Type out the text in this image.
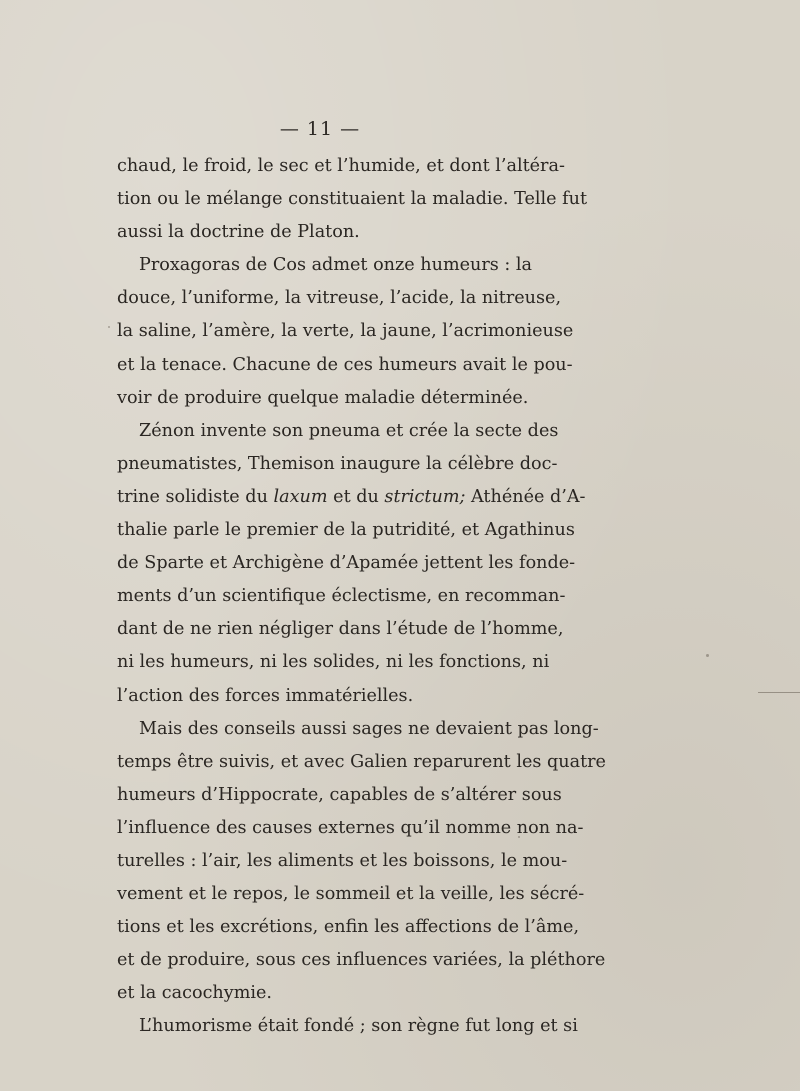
— 11 —
chaud, le froid, le sec et l’humide, et dont l’altéra-
tion ou le mélange constituaient la maladie. Telle fut
aussi la doctrine de Platon.
Proxagoras de Cos admet onze humeurs : la
douce, l’uniforme, la vitreuse, l’acide, la nitreuse,
la saline, l’amère, la verte, la jaune, l’acrimonieuse
et la tenace. Chacune de ces humeurs avait le pou-
voir de produire quelque maladie déterminée.
Zénon invente son pneuma et crée la secte des
pneumatistes, Themison inaugure la célèbre doc-
trine solidiste du laxum et du strictum; Athénée d’A-
thalie parle le premier de la putridité, et Agathinus
de Sparte et Archigène d’Apamée jettent les fonde-
ments d’un scientifique éclectisme, en recomman-
dant de ne rien négliger dans l’étude de l’homme,
ni les humeurs, ni les solides, ni les fonctions, ni
l’action des forces immatérielles.
Mais des conseils aussi sages ne devaient pas long-
temps être suivis, et avec Galien reparurent les quatre
humeurs d’Hippocrate, capables de s’altérer sous
l’influence des causes externes qu’il nomme non na-
turelles : l’air, les aliments et les boissons, le mou-
vement et le repos, le sommeil et la veille, les sécré-
tions et les excrétions, enfin les affections de l’âme,
et de produire, sous ces influences variées, la pléthore
et la cacochymie.
L’humorisme était fondé ; son règne fut long et si
